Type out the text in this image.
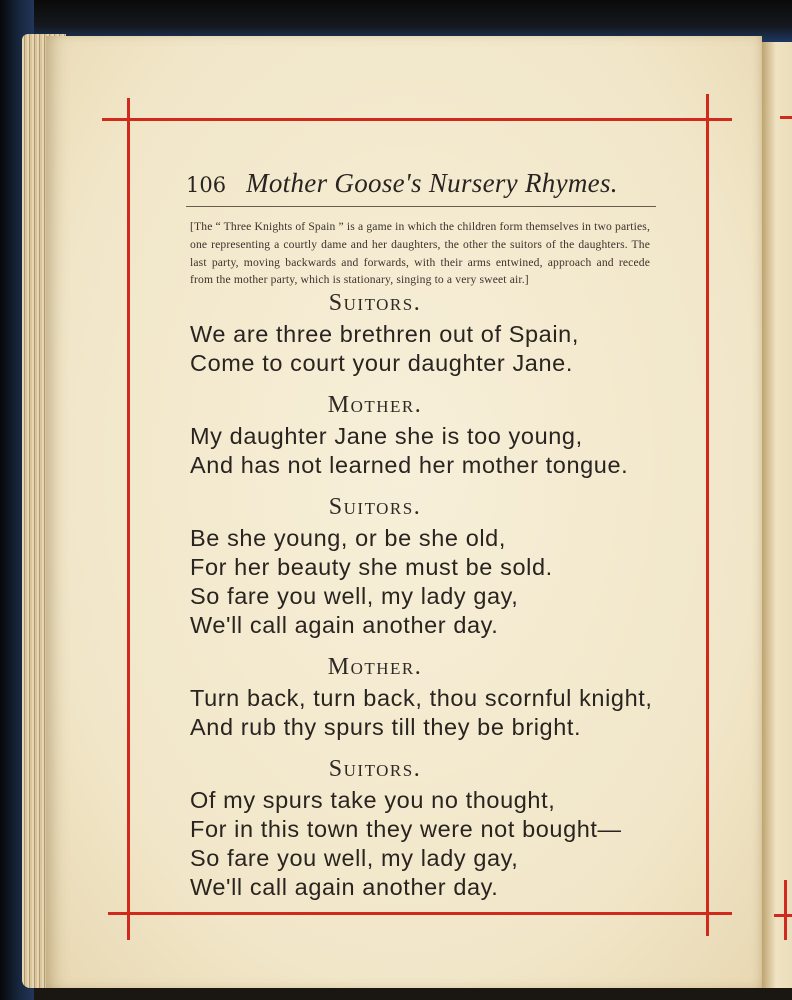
106 Mother Goose's Nursery Rhymes.
[The “ Three Knights of Spain ” is a game in which the children form themselves in two parties, one representing a courtly dame and her daughters, the other the suitors of the daughters. The last party, moving backwards and forwards, with their arms entwined, approach and recede from the mother party, which is stationary, singing to a very sweet air.]
Suitors.
We are three brethren out of Spain,
Come to court your daughter Jane.
Mother.
My daughter Jane she is too young,
And has not learned her mother tongue.
Suitors.
Be she young, or be she old,
For her beauty she must be sold.
So fare you well, my lady gay,
We'll call again another day.
Mother.
Turn back, turn back, thou scornful knight,
And rub thy spurs till they be bright.
Suitors.
Of my spurs take you no thought,
For in this town they were not bought—
So fare you well, my lady gay,
We'll call again another day.
